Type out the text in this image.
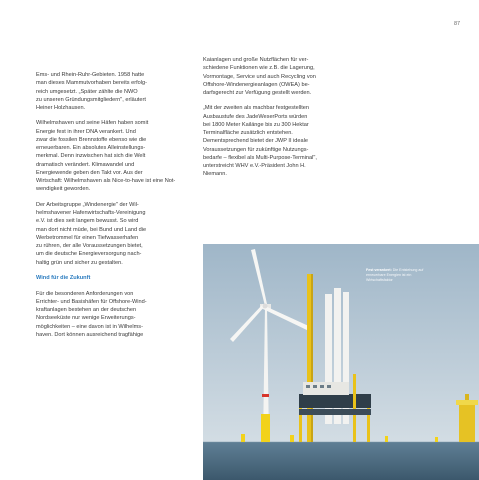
87

Ems- und Rhein-Ruhr-Gebieten. 1958 hatte
man dieses Mammutvorhaben bereits erfolg-
reich umgesetzt. „Später zählte die NWO
zu unseren Gründungsmitgliedern", erläutert
Heiner Holzhausen.

Wilhelmshaven und seine Häfen haben somit
Energie fest in ihrer DNA verankert. Und
zwar die fossilen Brennstoffe ebenso wie die
erneuerbaren. Ein absolutes Alleinstellungs-
merkmal. Denn inzwischen hat sich die Welt
dramatisch verändert. Klimawandel und
Energiewende geben den Takt vor. Aus der
Wirtschaft: Wilhelmshaven als Nice-to-have ist eine Not-
wendigkeit geworden.

Der Arbeitsgruppe „Windenergie" der Wil-
helmshavener Hafenwirtschafts-Vereinigung
e.V. ist dies seit langem bewusst. So wird
man dort nicht müde, bei Bund und Land die
Werbetrommel für einen Tiefwasserhafen
zu rühren, der alle Voraussetzungen bietet,
um die deutsche Energieversorgung nach-
haltig grün und sicher zu gestalten.

Wind für die Zukunft

Für die besonderen Anforderungen von
Errichter- und Basishäfen für Offshore-Wind-
kraftanlagen bestehen an der deutschen
Nordseeküste nur wenige Erweiterungs-
möglichkeiten – eine davon ist in Wilhelms-
haven. Dort können ausreichend tragfähige

Kaianlagen und große Nutzflächen für ver-
schiedene Funktionen wie z.B. die Lagerung,
Vormontage, Service und auch Recycling von
Offshore-Windenergieanlagen (OWEA) be-
darfsgerecht zur Verfügung gestellt werden.

„Mit der zweiten als machbar festgestellten
Ausbaustufe des JadeWeserPorts würden
bei 1800 Meter Kailänge bis zu 300 Hektar
Terminalfläche zusätzlich entstehen.
Dementsprechend bietet der JWP II ideale
Voraussetzungen für zukünftige Nutzungs-
bedarfe – flexibel als Multi-Purpose-Terminal",
unterstreicht WHV e.V.-Präsident John H.
Niemann.

Fest verankert: Die Entstehung auf erneuerbare Energien ist ein Wirtschaftsfaktor
